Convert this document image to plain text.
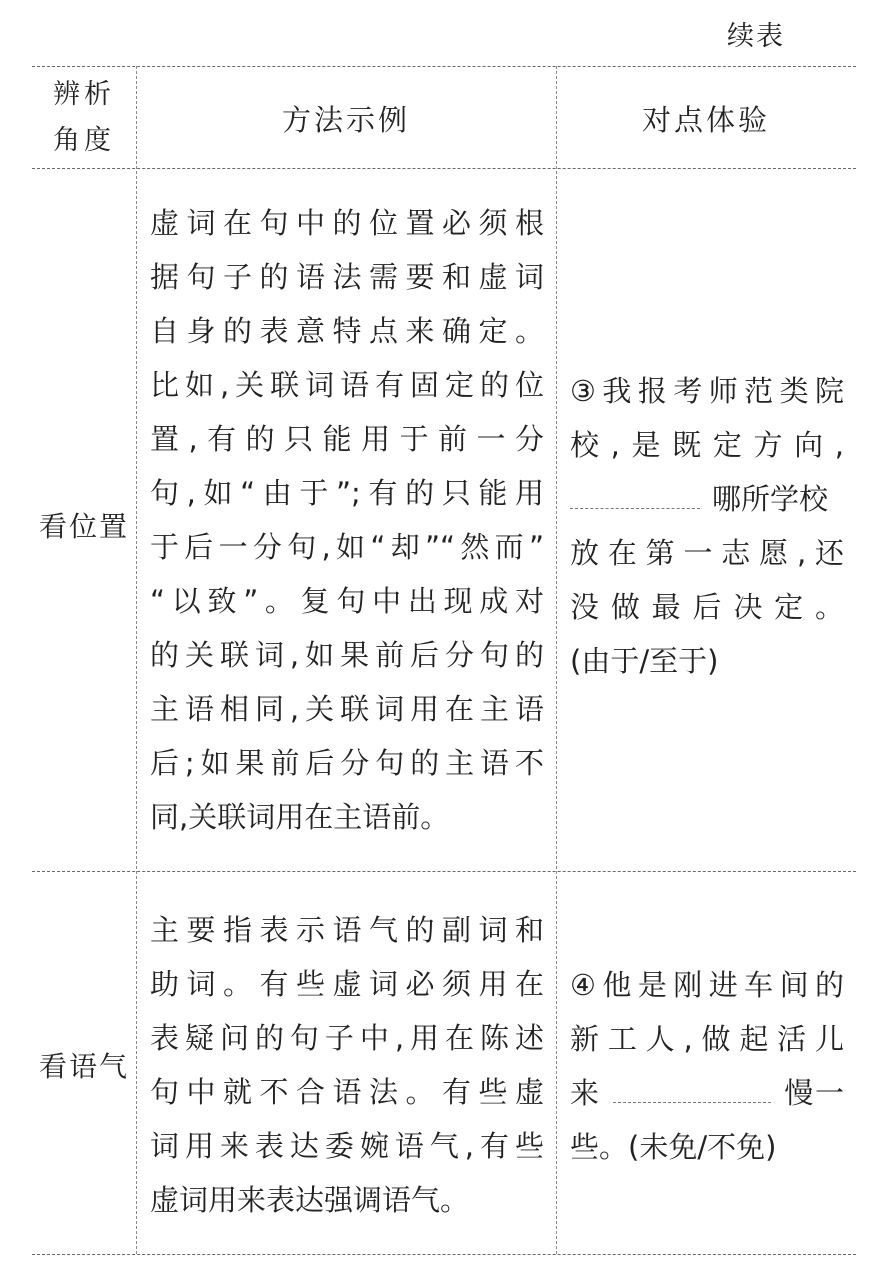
续表
辨析
角度
方法示例	对点体验
看位置
虚词在句中的位置必须根
据句子的语法需要和虚词
自身的表意特点来确定。
比如,关联词语有固定的位
置,有的只能用于前一分
句,如“由于”;有的只能用
于后一分句,如“却”“然而”
“以致”。复句中出现成对
的关联词,如果前后分句的
主语相同,关联词用在主语
后;如果前后分句的主语不
同,关联词用在主语前。
③我报考师范类院
校,是既定方向,
哪所学校
放在第一志愿,还
没做最后决定。
(由于/至于)
看语气
主要指表示语气的副词和
助词。有些虚词必须用在
表疑问的句子中,用在陈述
句中就不合语法。有些虚
词用来表达委婉语气,有些
虚词用来表达强调语气。
④他是刚进车间的
新工人,做起活儿
来	慢一
些。(未免/不免)
